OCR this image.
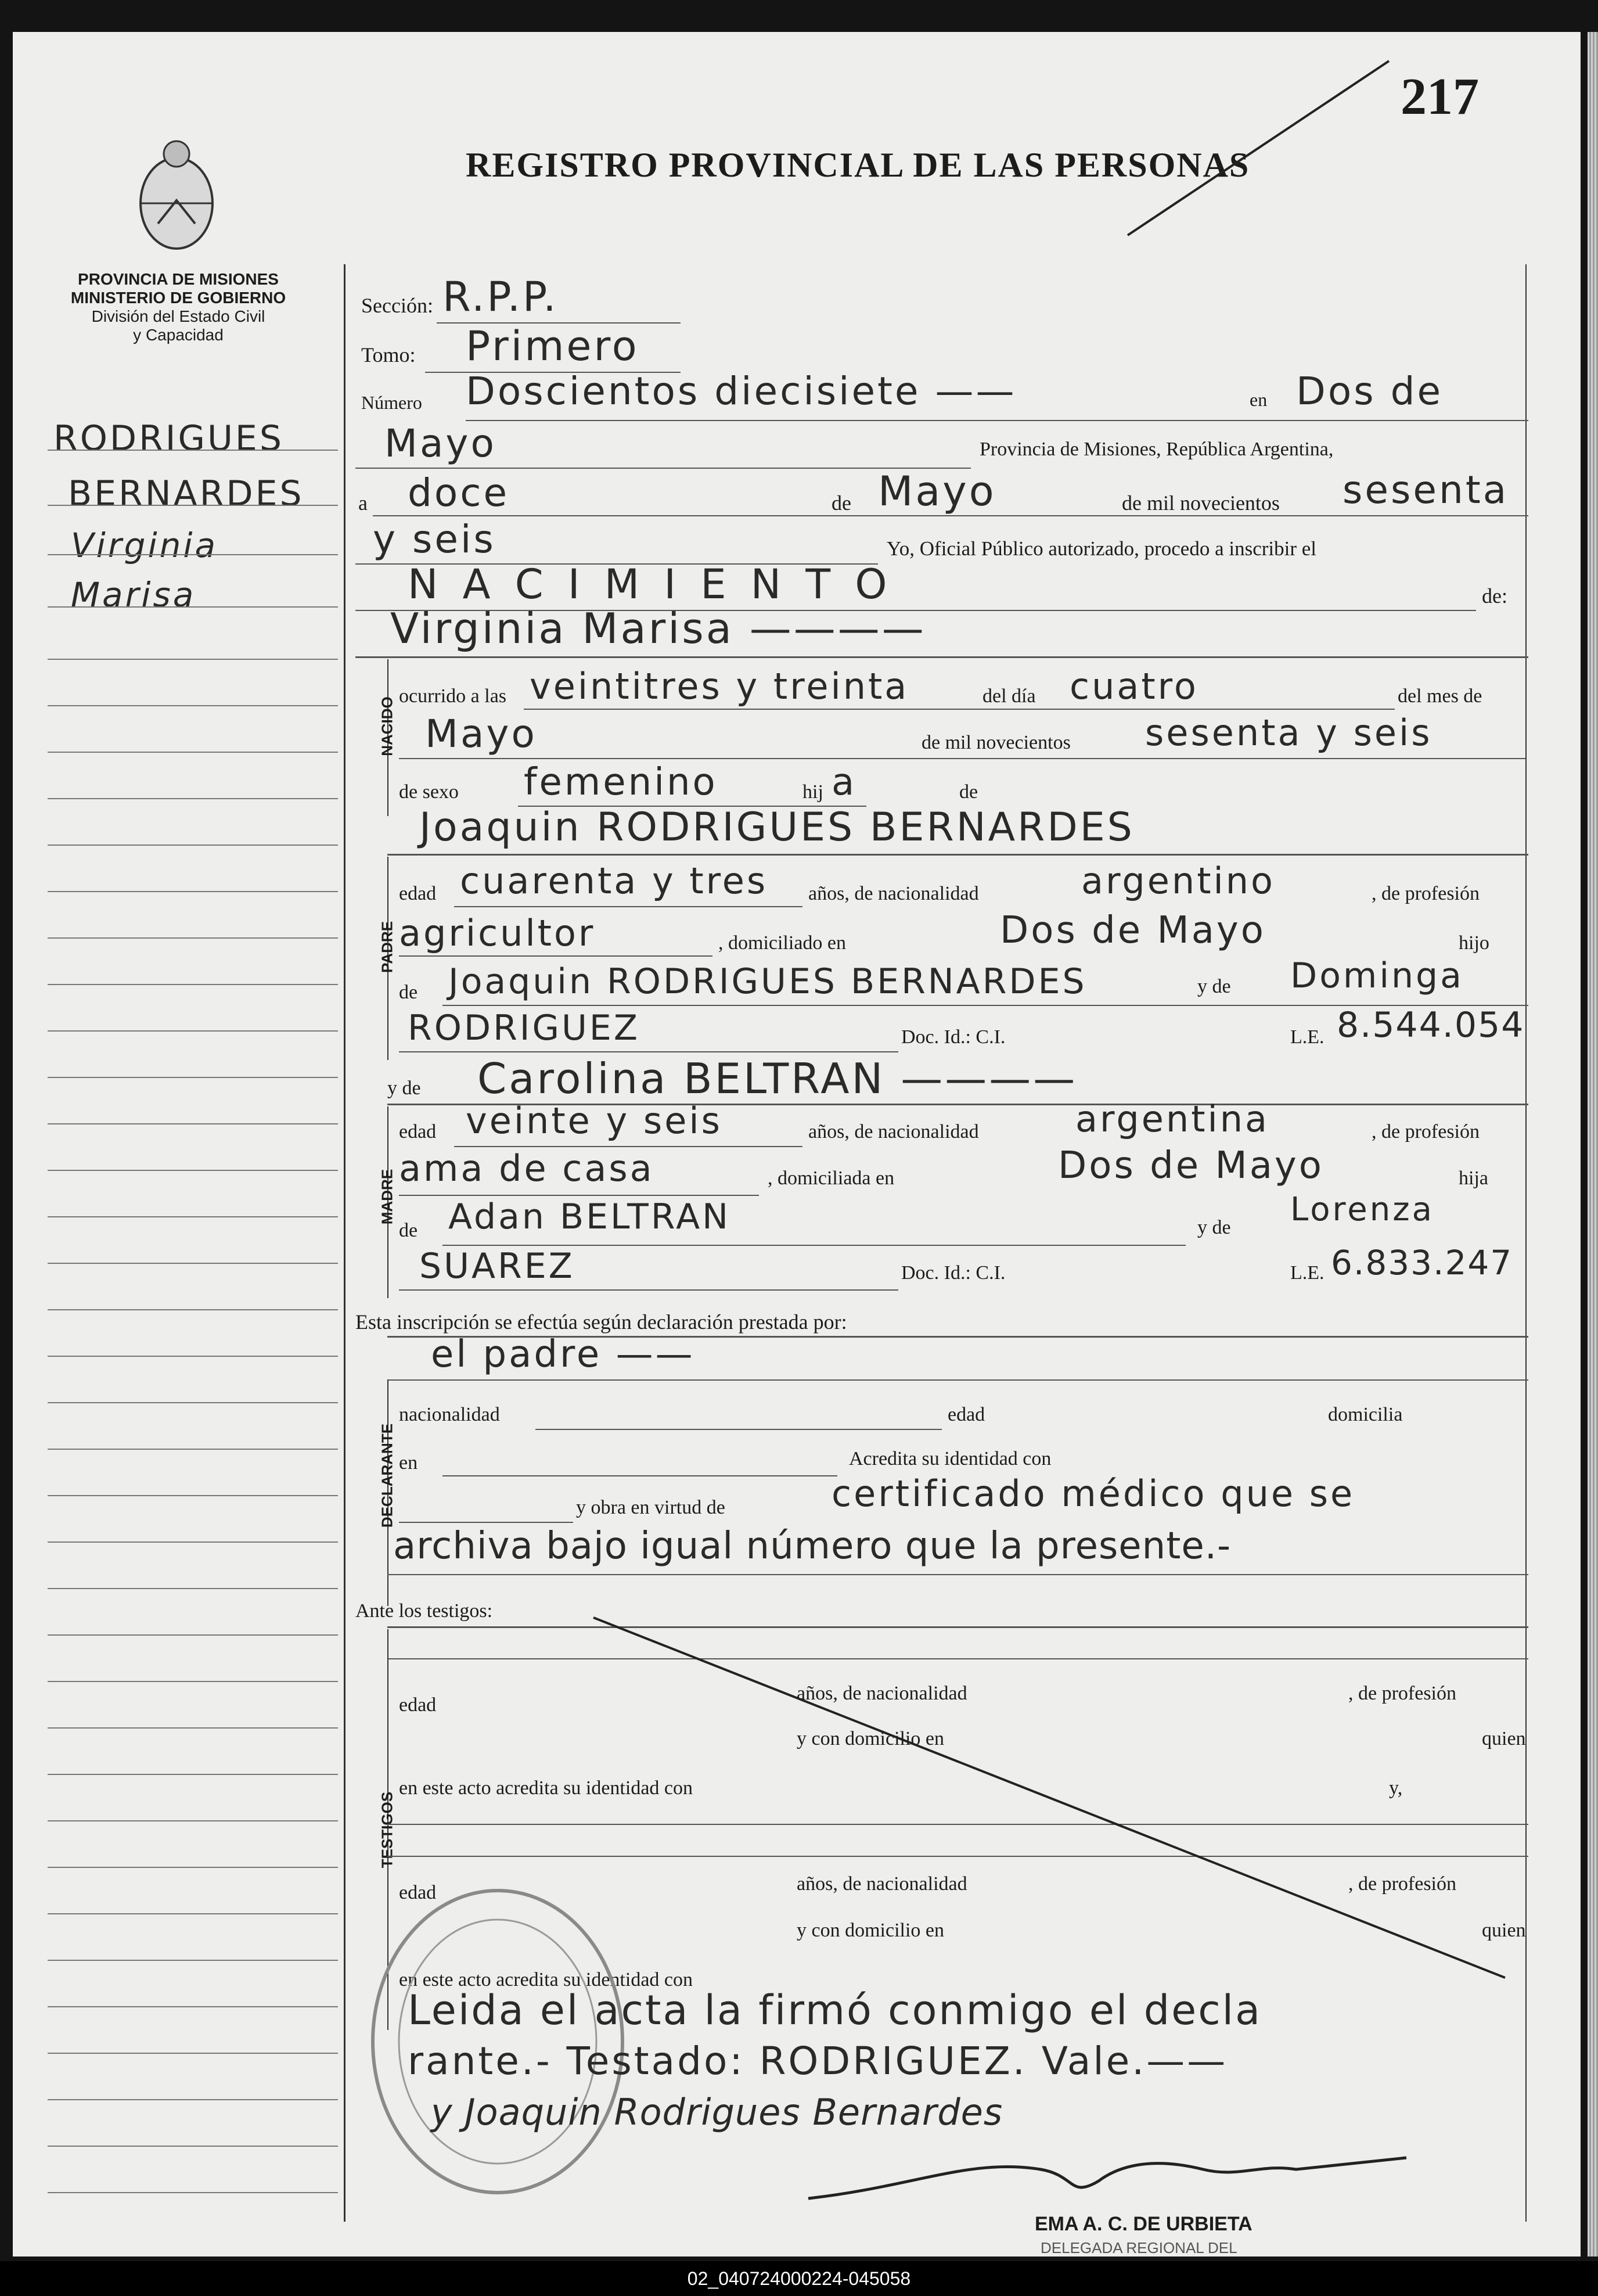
217
REGISTRO PROVINCIAL DE LAS PERSONAS
PROVINCIA DE MISIONES
MINISTERIO DE GOBIERNO
División del Estado Civil
y Capacidad
RODRIGUES
BERNARDES
Virginia
Marisa
Sección: R.P.P.
Tomo: Primero
Número Doscientos diecisiete ——	en Dos de
Mayo	Provincia de Misiones, República Argentina,
a doce	de Mayo	de mil novecientos sesenta
y seis	Yo, Oficial Público autorizado, procedo a inscribir el
N A C I M I E N T O	de:
Virginia Marisa ————
NACIDO
ocurrido a las veintitres y treinta	del día cuatro	del mes de
Mayo	de mil novecientos sesenta y seis
de sexo femenino	hij a	de
Joaquin RODRIGUES BERNARDES
PADRE
edad cuarenta y tres años, de nacionalidad	argentino	, de profesión
agricultor	, domiciliado en	Dos de Mayo	hijo
de Joaquin RODRIGUES BERNARDES	y de Dominga
RODRIGUEZ	Doc. Id.: C.I.	L.E. 8.544.054
y de Carolina BELTRAN ————
MADRE
edad veinte y seis	años, de nacionalidad	argentina	, de profesión
ama de casa	, domiciliada en	Dos de Mayo	hija
de Adan BELTRAN	y de Lorenza
SUAREZ	Doc. Id.: C.I.	L.E. 6.833.247
Esta inscripción se efectúa según declaración prestada por:
el padre ——
DECLARANTE
nacionalidad	edad	domicilia
en	Acredita su identidad con
y obra en virtud de	certificado médico que se
archiva bajo igual número que la presente.-
Ante los testigos:
TESTIGOS
edad
años, de nacionalidad	, de profesión
y con domicilio en	quien
en este acto acredita su identidad con	y,
edad	años, de nacionalidad	, de profesión
y con domicilio en	quien
en este acto acredita su identidad con
Leida el acta la firmó conmigo el decla
rante.- Testado: RODRIGUEZ. Vale.——
y Joaquin Rodrigues Bernardes
EMA A. C. DE URBIETA
DELEGADA REGIONAL DEL
02_040724000224-045058
